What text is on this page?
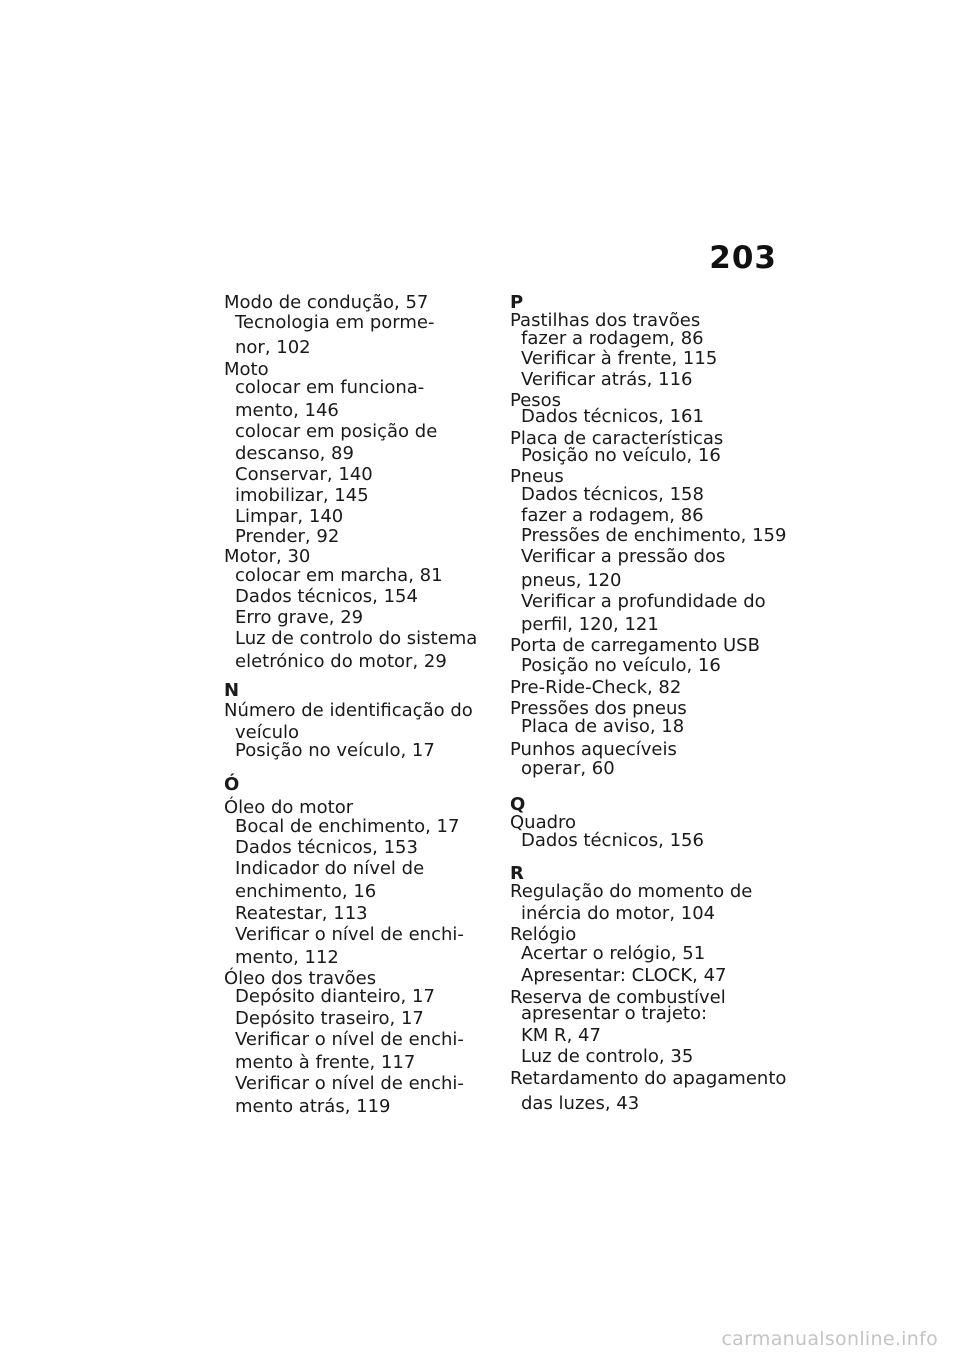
203
Modo de condução, 57
Tecnologia em porme-
nor, 102
Moto
colocar em funciona-
mento, 146
colocar em posição de
descanso, 89
Conservar, 140
imobilizar, 145
Limpar, 140
Prender, 92
Motor, 30
colocar em marcha, 81
Dados técnicos, 154
Erro grave, 29
Luz de controlo do sistema
eletrónico do motor, 29
N
Número de identificação do
veículo
Posição no veículo, 17
Ó
Óleo do motor
Bocal de enchimento, 17
Dados técnicos, 153
Indicador do nível de
enchimento, 16
Reatestar, 113
Verificar o nível de enchi-
mento, 112
Óleo dos travões
Depósito dianteiro, 17
Depósito traseiro, 17
Verificar o nível de enchi-
mento à frente, 117
Verificar o nível de enchi-
mento atrás, 119
P
Pastilhas dos travões
fazer a rodagem, 86
Verificar à frente, 115
Verificar atrás, 116
Pesos
Dados técnicos, 161
Placa de características
Posição no veículo, 16
Pneus
Dados técnicos, 158
fazer a rodagem, 86
Pressões de enchimento, 159
Verificar a pressão dos
pneus, 120
Verificar a profundidade do
perfil, 120, 121
Porta de carregamento USB
Posição no veículo, 16
Pre-Ride-Check, 82
Pressões dos pneus
Placa de aviso, 18
Punhos aquecíveis
operar, 60
Q
Quadro
Dados técnicos, 156
R
Regulação do momento de
inércia do motor, 104
Relógio
Acertar o relógio, 51
Apresentar: CLOCK, 47
Reserva de combustível
apresentar o trajeto:
KM R, 47
Luz de controlo, 35
Retardamento do apagamento
das luzes, 43
carmanualsonline.info
